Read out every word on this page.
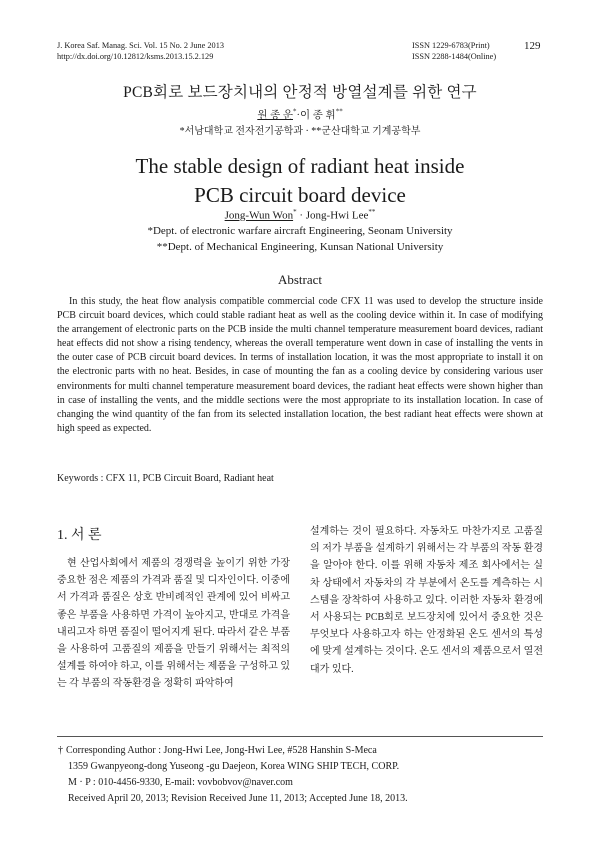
J. Korea Saf. Manag. Sci. Vol. 15 No. 2 June 2013
http://dx.doi.org/10.12812/ksms.2013.15.2.129
ISSN 1229-6783(Print)
ISSN 2288-1484(Online)
129
PCB회로 보드장치내의 안정적 방열설계를 위한 연구
원 종 운*·이 종 휘**
*서남대학교 전자전기공학과 · **군산대학교 기계공학부
The stable design of radiant heat inside
PCB circuit board device
Jong-Wun Won* · Jong-Hwi Lee**
*Dept. of electronic warfare aircraft Engineering, Seonam University
**Dept. of Mechanical Engineering, Kunsan National University
Abstract
In this study, the heat flow analysis compatible commercial code CFX 11 was used to develop the structure inside PCB circuit board devices, which could stable radiant heat as well as the cooling device within it. In case of modifying the arrangement of electronic parts on the PCB inside the multi channel temperature measurement board devices, radiant heat effects did not show a rising tendency, whereas the overall temperature went down in case of installing the vents in the outer case of PCB circuit board devices. In terms of installation location, it was the most appropriate to install it on the electronic parts with no heat. Besides, in case of mounting the fan as a cooling device by considering various user environments for multi channel temperature measurement board devices, the radiant heat effects were shown higher than in case of installing the vents, and the middle sections were the most appropriate to its installation location. In case of changing the wind quantity of the fan from its selected installation location, the best radiant heat effects were shown at high speed as expected.
Keywords : CFX 11, PCB Circuit Board, Radiant heat
1. 서 론
현 산업사회에서 제품의 경쟁력을 높이기 위한 가장 중요한 점은 제품의 가격과 품질 및 디자인이다. 이중에서 가격과 품질은 상호 반비례적인 관계에 있어 비싸고 좋은 부품을 사용하면 가격이 높아지고, 반대로 가격을 내리고자 하면 품질이 떨어지게 된다. 따라서 같은 부품을 사용하여 고품질의 제품을 만들기 위해서는 최적의 설계를 하여야 하고, 이를 위해서는 제품을 구성하고 있는 각 부품의 작동환경을 정확히 파악하여
설계하는 것이 필요하다. 자동차도 마찬가지로 고품질의 저가 부품을 설계하기 위해서는 각 부품의 작동 환경을 알아야 한다. 이를 위해 자동차 제조 회사에서는 실차 상태에서 자동차의 각 부분에서 온도를 계측하는 시스템을 장착하여 사용하고 있다. 이러한 자동차 환경에서 사용되는 PCB회로 보드장치에 있어서 중요한 것은 무엇보다 사용하고자 하는 안정화된 온도 센서의 특성에 맞게 설계하는 것이다. 온도 센서의 제품으로서 열전대가 있다.
† Corresponding Author : Jong-Hwi Lee, Jong-Hwi Lee, #528 Hanshin S-Meca
1359 Gwanpyeong-dong Yuseong -gu Daejeon, Korea WING SHIP TECH, CORP.
M · P : 010-4456-9330, E-mail: vovbobvov@naver.com
Received April 20, 2013; Revision Received June 11, 2013; Accepted June 18, 2013.
